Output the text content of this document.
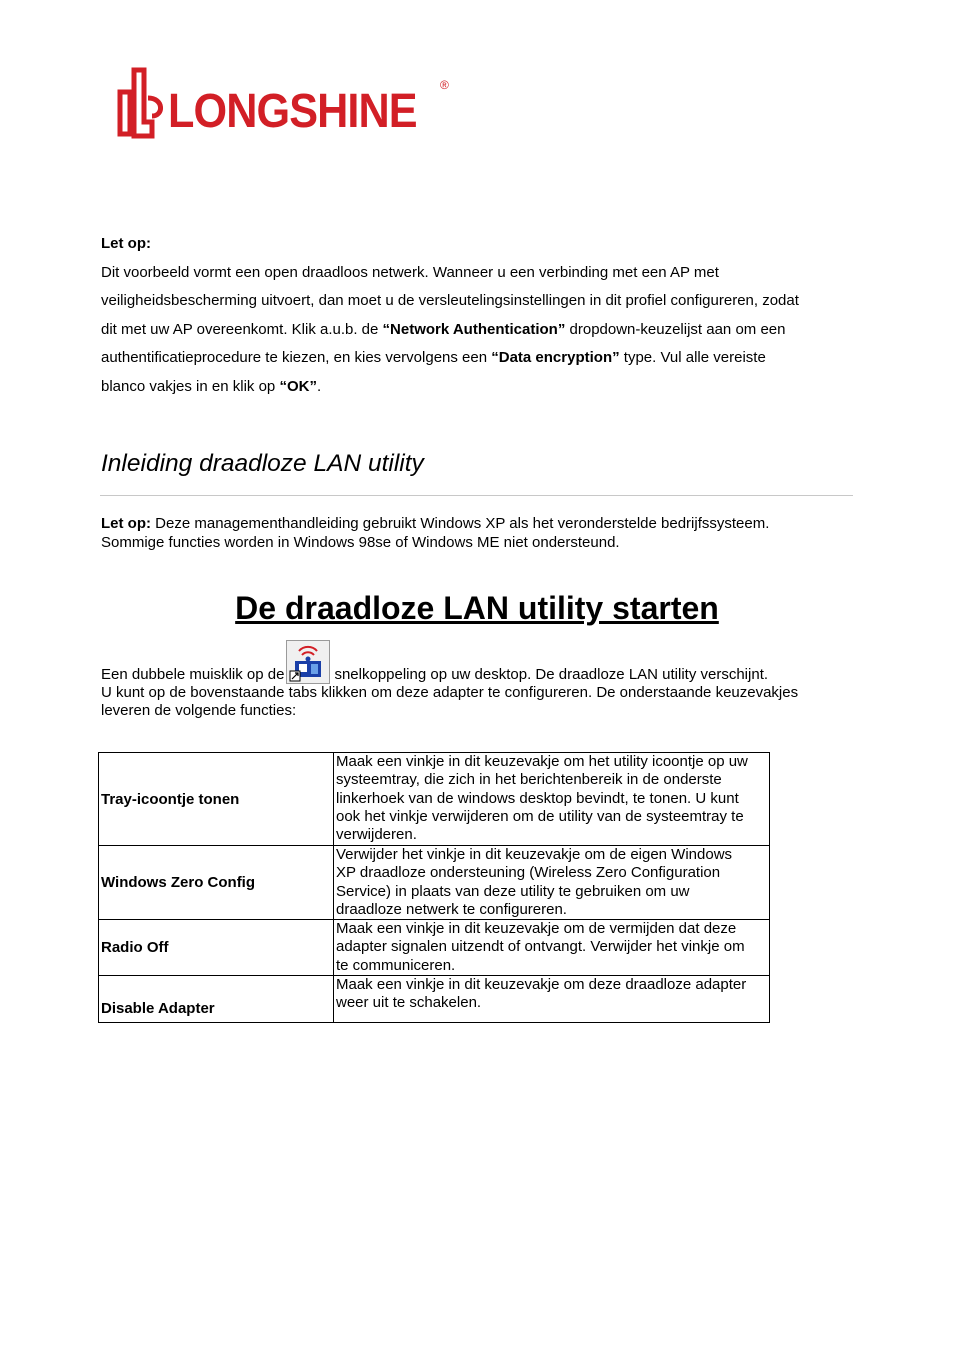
LONGSHINE ®
Let op:
Dit voorbeeld vormt een open draadloos netwerk. Wanneer u een verbinding met een AP met
veiligheidsbescherming uitvoert, dan moet u de versleutelingsinstellingen in dit profiel configureren, zodat
dit met uw AP overeenkomt. Klik a.u.b. de “Network Authentication” dropdown-keuzelijst aan om een
authentificatieprocedure te kiezen, en kies vervolgens een “Data encryption” type. Vul alle vereiste
blanco vakjes in en klik op “OK”.
Inleiding draadloze LAN utility
Let op: Deze managementhandleiding gebruikt Windows XP als het veronderstelde bedrijfssysteem.
Sommige functies worden in Windows 98se of Windows ME niet ondersteund.
De draadloze LAN utility starten
Een dubbele muisklik op de	snelkoppeling op uw desktop. De draadloze LAN utility verschijnt.
U kunt op de bovenstaande tabs klikken om deze adapter te configureren. De onderstaande keuzevakjes
leveren de volgende functies:
Tray-icoontje tonen	Maak een vinkje in dit keuzevakje om het utility icoontje op uw
systeemtray, die zich in het berichtenbereik in de onderste
linkerhoek van de windows desktop bevindt, te tonen. U kunt
ook het vinkje verwijderen om de utility van de systeemtray te
verwijderen.

Windows Zero Config	Verwijder het vinkje in dit keuzevakje om de eigen Windows
XP draadloze ondersteuning (Wireless Zero Configuration
Service) in plaats van deze utility te gebruiken om uw
draadloze netwerk te configureren.

Radio Off	Maak een vinkje in dit keuzevakje om de vermijden dat deze
adapter signalen uitzendt of ontvangt. Verwijder het vinkje om
te communiceren.

Disable Adapter	Maak een vinkje in dit keuzevakje om deze draadloze adapter
weer uit te schakelen.
